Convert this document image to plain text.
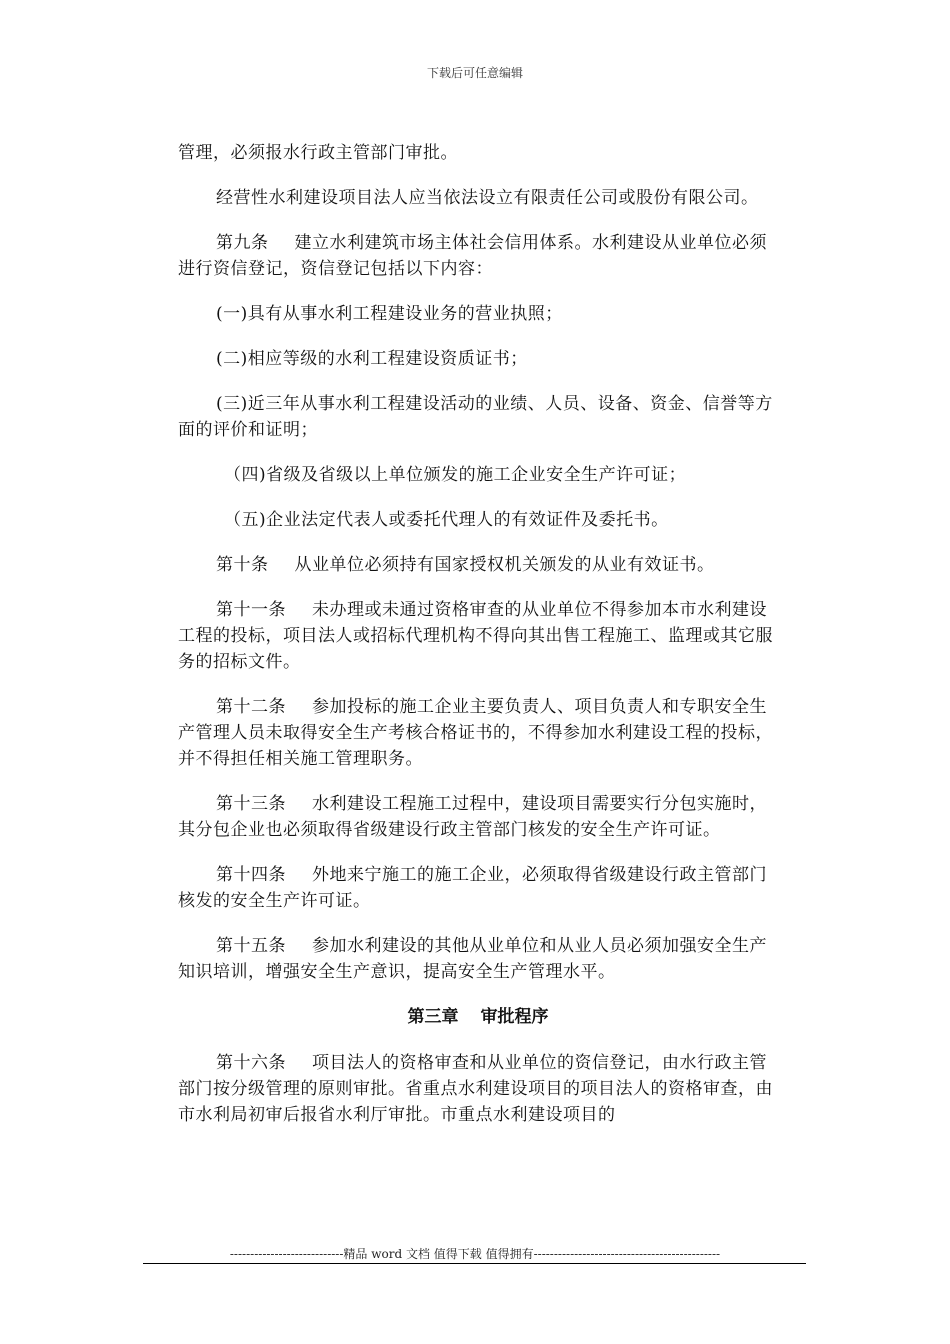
下载后可任意编辑

管理，必须报水行政主管部门审批。

经营性水利建设项目法人应当依法设立有限责任公司或股份有限公司。

第九条 建立水利建筑市场主体社会信用体系。水利建设从业单位必须进行资信登记，资信登记包括以下内容：

(一)具有从事水利工程建设业务的营业执照；

(二)相应等级的水利工程建设资质证书；

(三)近三年从事水利工程建设活动的业绩、人员、设备、资金、信誉等方面的评价和证明；

（四)省级及省级以上单位颁发的施工企业安全生产许可证；

（五)企业法定代表人或委托代理人的有效证件及委托书。

第十条 从业单位必须持有国家授权机关颁发的从业有效证书。

第十一条 未办理或未通过资格审查的从业单位不得参加本市水利建设工程的投标，项目法人或招标代理机构不得向其出售工程施工、监理或其它服务的招标文件。

第十二条 参加投标的施工企业主要负责人、项目负责人和专职安全生产管理人员未取得安全生产考核合格证书的，不得参加水利建设工程的投标，并不得担任相关施工管理职务。

第十三条 水利建设工程施工过程中，建设项目需要实行分包实施时，其分包企业也必须取得省级建设行政主管部门核发的安全生产许可证。

第十四条 外地来宁施工的施工企业，必须取得省级建设行政主管部门核发的安全生产许可证。

第十五条 参加水利建设的其他从业单位和从业人员必须加强安全生产知识培训，增强安全生产意识，提高安全生产管理水平。

第三章 审批程序

第十六条 项目法人的资格审查和从业单位的资信登记，由水行政主管部门按分级管理的原则审批。省重点水利建设项目的项目法人的资格审查，由市水利局初审后报省水利厅审批。市重点水利建设项目的

----------------------------精品 word 文档 值得下载 值得拥有----------------------------------------------
